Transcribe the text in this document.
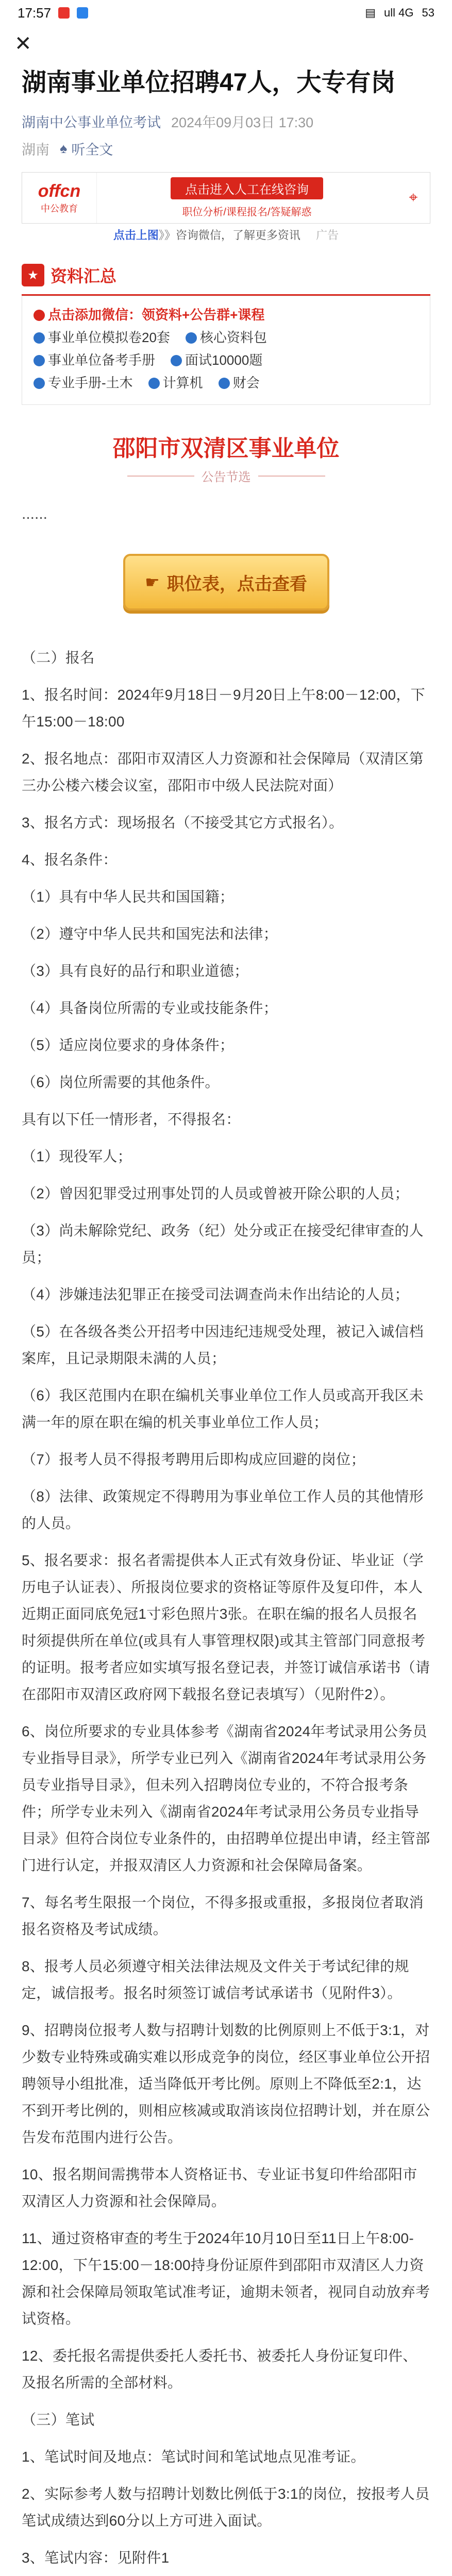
17:57	▤ ull 4G 53
✕
湖南事业单位招聘47人，大专有岗
湖南中公事业单位考试 2024年09月03日 17:30
湖南 ♠ 听全文
offcn
中公教育
点击进入人工在线咨询
职位分析/课程报名/答疑解惑
⌖
点击上图》》咨询微信，了解更多资讯 广告
★ 资料汇总
点击添加微信：领资料+公告群+课程
事业单位模拟卷20套	核心资料包
事业单位备考手册	面试10000题
专业手册-土木	计算机	财会
邵阳市双清区事业单位
公告节选
......
☛ 职位表，点击查看

（二）报名

1、报名时间：2024年9月18日－9月20日上午8:00－12:00，下午15:00－18:00

2、报名地点：邵阳市双清区人力资源和社会保障局（双清区第三办公楼六楼会议室，邵阳市中级人民法院对面）

3、报名方式：现场报名（不接受其它方式报名）。

4、报名条件：

（1）具有中华人民共和国国籍；

（2）遵守中华人民共和国宪法和法律；

（3）具有良好的品行和职业道德；

（4）具备岗位所需的专业或技能条件；

（5）适应岗位要求的身体条件；

（6）岗位所需要的其他条件。

具有以下任一情形者，不得报名：

（1）现役军人；

（2）曾因犯罪受过刑事处罚的人员或曾被开除公职的人员；

（3）尚未解除党纪、政务（纪）处分或正在接受纪律审查的人员；

（4）涉嫌违法犯罪正在接受司法调查尚未作出结论的人员；

（5）在各级各类公开招考中因违纪违规受处理，被记入诚信档案库，且记录期限未满的人员；

（6）我区范围内在职在编机关事业单位工作人员或高开我区未满一年的原在职在编的机关事业单位工作人员；

（7）报考人员不得报考聘用后即构成应回避的岗位；

（8）法律、政策规定不得聘用为事业单位工作人员的其他情形的人员。

5、报名要求：报名者需提供本人正式有效身份证、毕业证（学历电子认证表）、所报岗位要求的资格证等原件及复印件，本人近期正面同底免冠1寸彩色照片3张。在职在编的报名人员报名时须提供所在单位(或具有人事管理权限)或其主管部门同意报考的证明。报考者应如实填写报名登记表，并签订诚信承诺书（请在邵阳市双清区政府网下载报名登记表填写）（见附件2）。

6、岗位所要求的专业具体参考《湖南省2024年考试录用公务员专业指导目录》，所学专业已列入《湖南省2024年考试录用公务员专业指导目录》，但未列入招聘岗位专业的，不符合报考条件；所学专业未列入《湖南省2024年考试录用公务员专业指导目录》但符合岗位专业条件的，由招聘单位提出申请，经主管部门进行认定，并报双清区人力资源和社会保障局备案。

7、每名考生限报一个岗位，不得多报或重报，多报岗位者取消报名资格及考试成绩。

8、报考人员必须遵守相关法律法规及文件关于考试纪律的规定，诚信报考。报名时须签订诚信考试承诺书（见附件3）。

9、招聘岗位报考人数与招聘计划数的比例原则上不低于3:1，对少数专业特殊或确实难以形成竞争的岗位，经区事业单位公开招聘领导小组批准，适当降低开考比例。原则上不降低至2:1，达不到开考比例的，则相应核减或取消该岗位招聘计划，并在原公告发布范围内进行公告。

10、报名期间需携带本人资格证书、专业证书复印件给邵阳市双清区人力资源和社会保障局。

11、通过资格审查的考生于2024年10月10日至11日上午8:00-12:00，下午15:00－18:00持身份证原件到邵阳市双清区人力资源和社会保障局领取笔试准考证，逾期未领者，视同自动放弃考试资格。

12、委托报名需提供委托人委托书、被委托人身份证复印件、及报名所需的全部材料。

（三）笔试

1、笔试时间及地点：笔试时间和笔试地点见准考证。

2、实际参考人数与招聘计划数比例低于3:1的岗位，按报考人员笔试成绩达到60分以上方可进入面试。

3、笔试内容：见附件1
